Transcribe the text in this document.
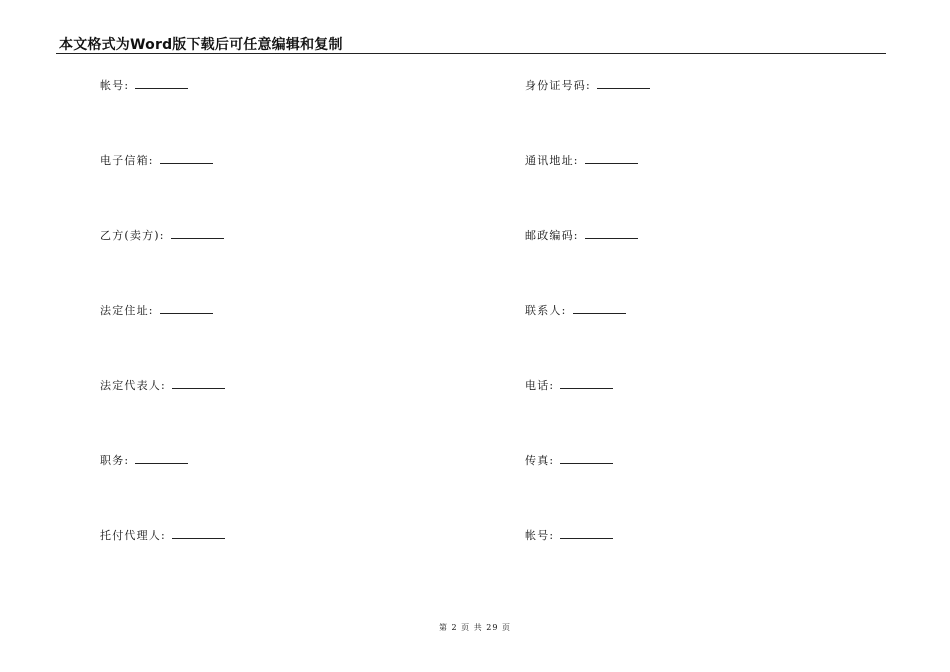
本文格式为Word版下载后可任意编辑和复制
帐号:
电子信箱:
乙方(卖方):
法定住址:
法定代表人:
职务:
托付代理人:
身份证号码:
通讯地址:
邮政编码:
联系人:
电话:
传真:
帐号:
第 2 页 共 29 页
